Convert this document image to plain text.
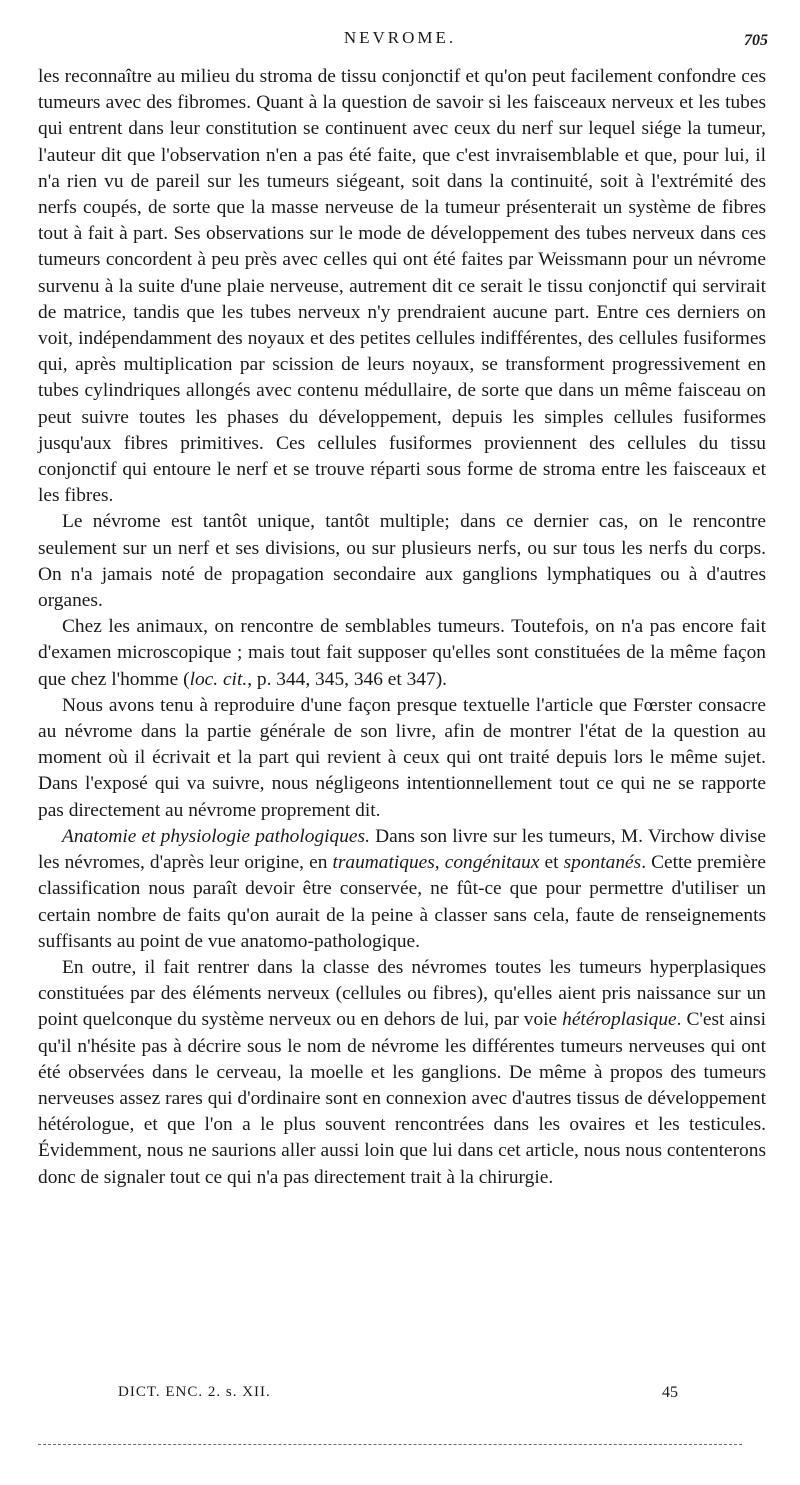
NEVROME.	705

les reconnaître au milieu du stroma de tissu conjonctif et qu'on peut facilement confondre ces tumeurs avec des fibromes. Quant à la question de savoir si les faisceaux nerveux et les tubes qui entrent dans leur constitution se continuent avec ceux du nerf sur lequel siége la tumeur, l'auteur dit que l'observation n'en a pas été faite, que c'est invraisemblable et que, pour lui, il n'a rien vu de pareil sur les tumeurs siégeant, soit dans la continuité, soit à l'extrémité des nerfs coupés, de sorte que la masse nerveuse de la tumeur présenterait un système de fibres tout à fait à part. Ses observations sur le mode de développement des tubes nerveux dans ces tumeurs concordent à peu près avec celles qui ont été faites par Weissmann pour un névrome survenu à la suite d'une plaie nerveuse, autrement dit ce serait le tissu conjonctif qui servirait de matrice, tandis que les tubes nerveux n'y prendraient aucune part. Entre ces derniers on voit, indépendamment des noyaux et des petites cellules indifférentes, des cellules fusiformes qui, après multiplication par scission de leurs noyaux, se transforment progressivement en tubes cylindriques allongés avec contenu médullaire, de sorte que dans un même faisceau on peut suivre toutes les phases du développement, depuis les simples cellules fusiformes jusqu'aux fibres primitives. Ces cellules fusiformes proviennent des cellules du tissu conjonctif qui entoure le nerf et se trouve réparti sous forme de stroma entre les faisceaux et les fibres.

Le névrome est tantôt unique, tantôt multiple; dans ce dernier cas, on le rencontre seulement sur un nerf et ses divisions, ou sur plusieurs nerfs, ou sur tous les nerfs du corps. On n'a jamais noté de propagation secondaire aux ganglions lymphatiques ou à d'autres organes.

Chez les animaux, on rencontre de semblables tumeurs. Toutefois, on n'a pas encore fait d'examen microscopique ; mais tout fait supposer qu'elles sont constituées de la même façon que chez l'homme (loc. cit., p. 344, 345, 346 et 347).

Nous avons tenu à reproduire d'une façon presque textuelle l'article que Fœrster consacre au névrome dans la partie générale de son livre, afin de montrer l'état de la question au moment où il écrivait et la part qui revient à ceux qui ont traité depuis lors le même sujet. Dans l'exposé qui va suivre, nous négligeons intentionnellement tout ce qui ne se rapporte pas directement au névrome proprement dit.

Anatomie et physiologie pathologiques. Dans son livre sur les tumeurs, M. Virchow divise les névromes, d'après leur origine, en traumatiques, congénitaux et spontanés. Cette première classification nous paraît devoir être conservée, ne fût-ce que pour permettre d'utiliser un certain nombre de faits qu'on aurait de la peine à classer sans cela, faute de renseignements suffisants au point de vue anatomo-pathologique.

En outre, il fait rentrer dans la classe des névromes toutes les tumeurs hyperplasiques constituées par des éléments nerveux (cellules ou fibres), qu'elles aient pris naissance sur un point quelconque du système nerveux ou en dehors de lui, par voie hétéroplasique. C'est ainsi qu'il n'hésite pas à décrire sous le nom de névrome les différentes tumeurs nerveuses qui ont été observées dans le cerveau, la moelle et les ganglions. De même à propos des tumeurs nerveuses assez rares qui d'ordinaire sont en connexion avec d'autres tissus de développement hétérologue, et que l'on a le plus souvent rencontrées dans les ovaires et les testicules. Évidemment, nous ne saurions aller aussi loin que lui dans cet article, nous nous contenterons donc de signaler tout ce qui n'a pas directement trait à la chirurgie.

DICT. ENC. 2. s. XII.	45
